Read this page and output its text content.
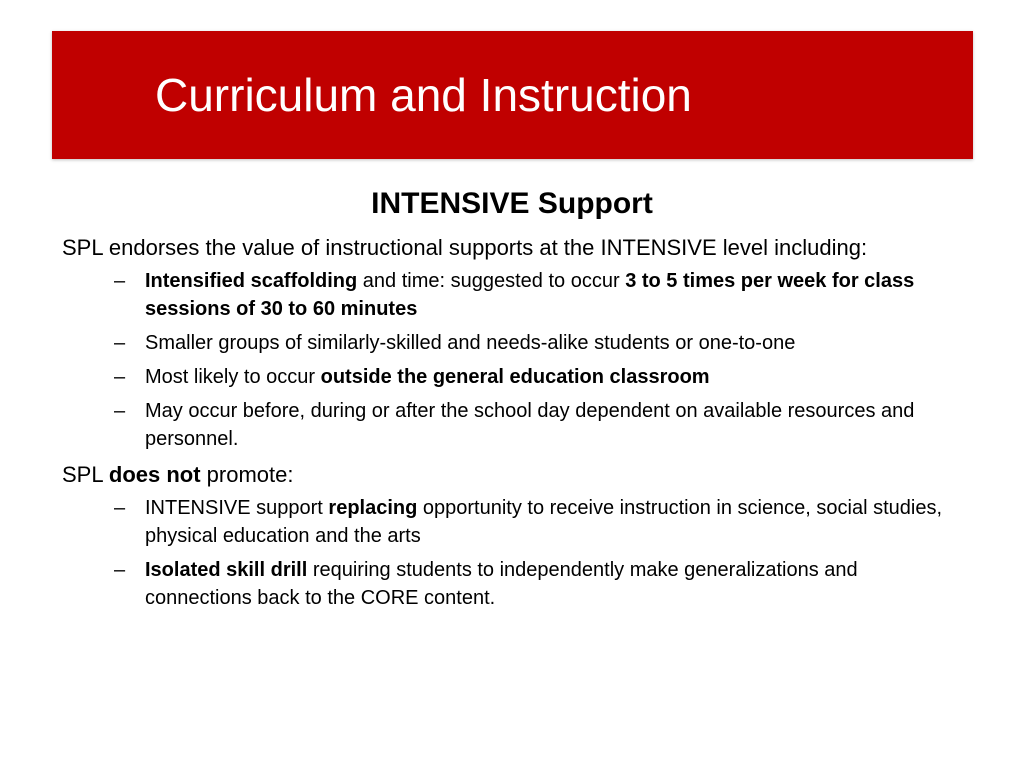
Curriculum and Instruction
INTENSIVE Support

SPL endorses the value of instructional supports at the INTENSIVE level including:

– Intensified scaffolding and time: suggested to occur 3 to 5 times per week for class sessions of 30 to 60 minutes
– Smaller groups of similarly-skilled and needs-alike students or one-to-one
– Most likely to occur outside the general education classroom
– May occur before, during or after the school day dependent on available resources and personnel.

SPL does not promote:

– INTENSIVE support replacing opportunity to receive instruction in science, social studies, physical education and the arts
– Isolated skill drill requiring students to independently make generalizations and connections back to the CORE content.
